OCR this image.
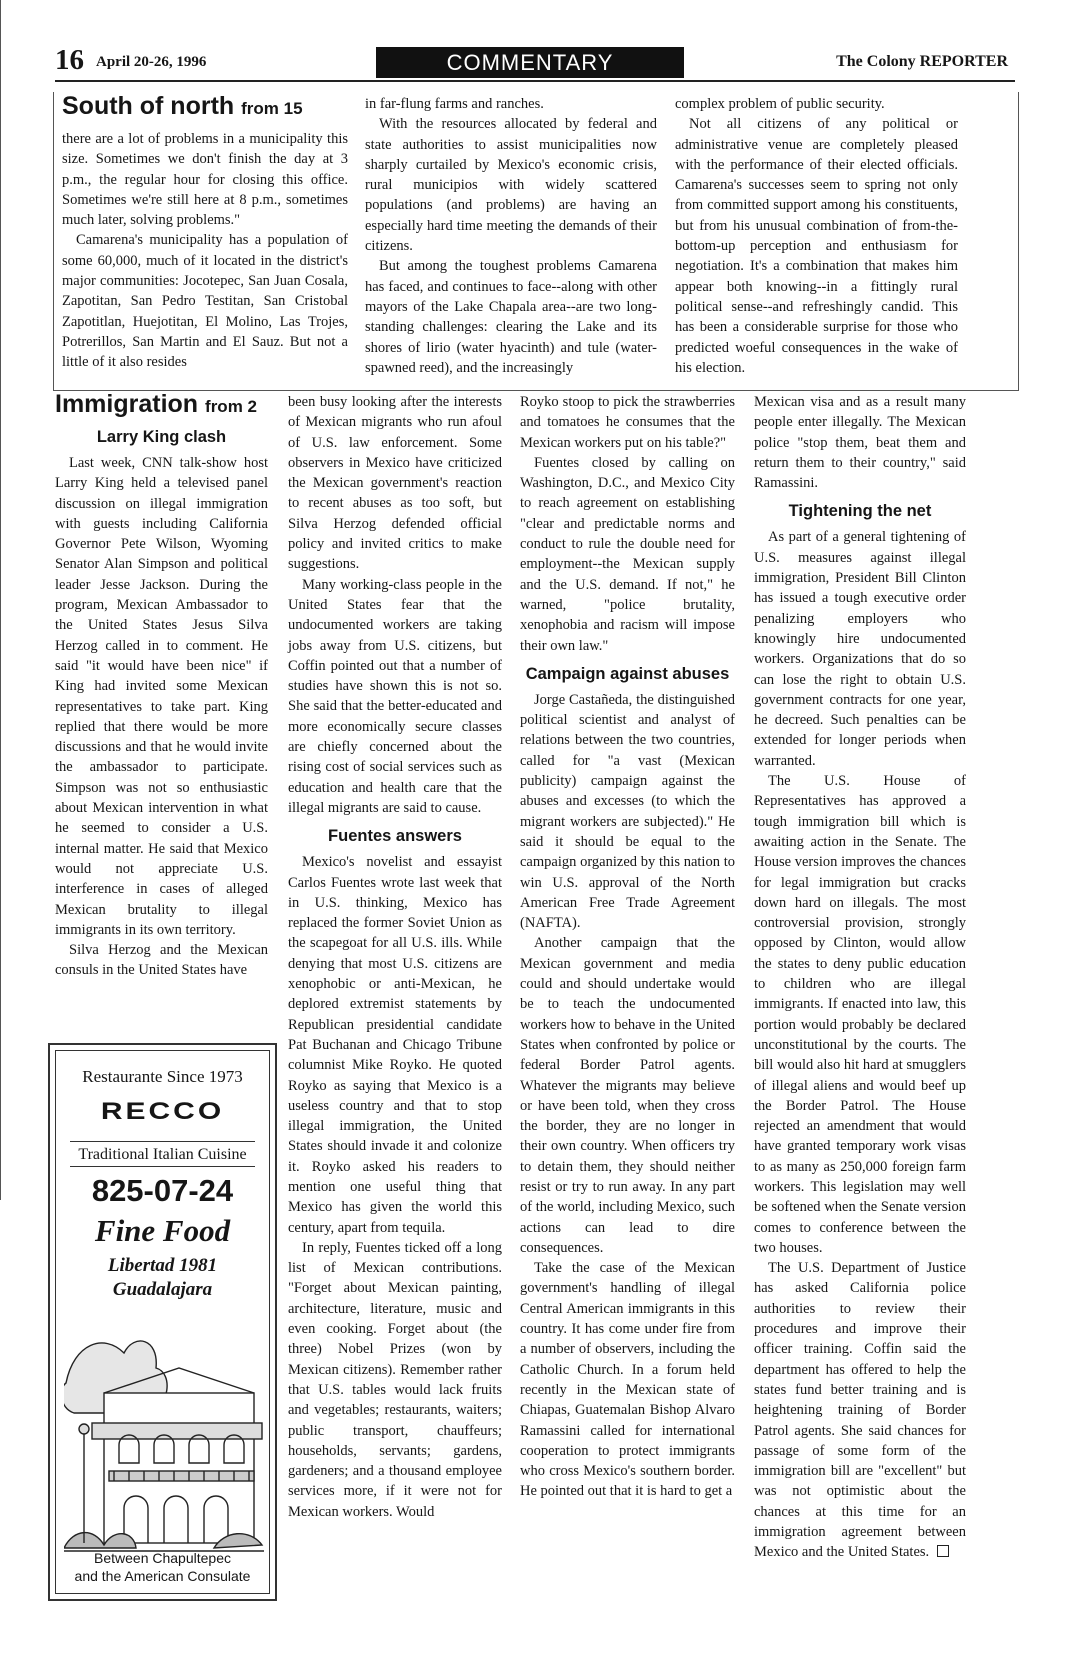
16 April 20-26, 1996	COMMENTARY	The Colony REPORTER
South of north from 15

there are a lot of problems in a municipality this size. Sometimes we don't finish the day at 3 p.m., the regular hour for closing this office. Sometimes we're still here at 8 p.m., sometimes much later, solving problems."

Camarena's municipality has a population of some 60,000, much of it located in the district's major communities: Jocotepec, San Juan Cosala, Zapotitan, San Pedro Testitan, San Cristobal Zapotitlan, Huejotitan, El Molino, Las Trojes, Potrerillos, San Martin and El Sauz. But not a little of it also resides

in far-flung farms and ranches.

With the resources allocated by federal and state authorities to assist municipalities now sharply curtailed by Mexico's economic crisis, rural municipios with widely scattered populations (and problems) are having an especially hard time meeting the demands of their citizens.

But among the toughest problems Camarena has faced, and continues to face--along with other mayors of the Lake Chapala area--are two long-standing challenges: clearing the Lake and its shores of lirio (water hyacinth) and tule (water-spawned reed), and the increasingly

complex problem of public security.

Not all citizens of any political or administrative venue are completely pleased with the performance of their elected officials. Camarena's successes seem to spring not only from committed support among his constituents, but from his unusual combination of from-the-bottom-up perception and enthusiasm for negotiation. It's a combination that makes him appear both knowing--in a fittingly rural political sense--and refreshingly candid. This has been a considerable surprise for those who predicted woeful consequences in the wake of his election.

Immigration from 2
Larry King clash

Last week, CNN talk-show host Larry King held a televised panel discussion on illegal immigration with guests including California Governor Pete Wilson, Wyoming Senator Alan Simpson and political leader Jesse Jackson. During the program, Mexican Ambassador to the United States Jesus Silva Herzog called in to comment. He said "it would have been nice" if King had invited some Mexican representatives to take part. King replied that there would be more discussions and that he would invite the ambassador to participate. Simpson was not so enthusiastic about Mexican intervention in what he seemed to consider a U.S. internal matter. He said that Mexico would not appreciate U.S. interference in cases of alleged Mexican brutality to illegal immigrants in its own territory.

Silva Herzog and the Mexican consuls in the United States have

been busy looking after the interests of Mexican migrants who run afoul of U.S. law enforcement. Some observers in Mexico have criticized the Mexican government's reaction to recent abuses as too soft, but Silva Herzog defended official policy and invited critics to make suggestions.

Many working-class people in the United States fear that the undocumented workers are taking jobs away from U.S. citizens, but Coffin pointed out that a number of studies have shown this is not so. She said that the better-educated and more economically secure classes are chiefly concerned about the rising cost of social services such as education and health care that the illegal migrants are said to cause.

Fuentes answers

Mexico's novelist and essayist Carlos Fuentes wrote last week that in U.S. thinking, Mexico has replaced the former Soviet Union as the scapegoat for all U.S. ills. While denying that most U.S. citizens are xenophobic or anti-Mexican, he deplored extremist statements by Republican presidential candidate Pat Buchanan and Chicago Tribune columnist Mike Royko. He quoted Royko as saying that Mexico is a useless country and that to stop illegal immigration, the United States should invade it and colonize it. Royko asked his readers to mention one useful thing that Mexico has given the world this century, apart from tequila.

In reply, Fuentes ticked off a long list of Mexican contributions. "Forget about Mexican painting, architecture, literature, music and even cooking. Forget about (the three) Nobel Prizes (won by Mexican citizens). Remember rather that U.S. tables would lack fruits and vegetables; restaurants, waiters; public transport, chauffeurs; households, servants; gardens, gardeners; and a thousand employee services more, if it were not for Mexican workers. Would

Royko stoop to pick the strawberries and tomatoes he consumes that the Mexican workers put on his table?"

Fuentes closed by calling on Washington, D.C., and Mexico City to reach agreement on establishing "clear and predictable norms and conduct to rule the double need for employment--the Mexican supply and the U.S. demand. If not," he warned, "police brutality, xenophobia and racism will impose their own law."

Campaign against abuses

Jorge Castañeda, the distinguished political scientist and analyst of relations between the two countries, called for "a vast (Mexican publicity) campaign against the abuses and excesses (to which the migrant workers are subjected)." He said it should be equal to the campaign organized by this nation to win U.S. approval of the North American Free Trade Agreement (NAFTA).

Another campaign that the Mexican government and media could and should undertake would be to teach the undocumented workers how to behave in the United States when confronted by police or federal Border Patrol agents. Whatever the migrants may believe or have been told, when they cross the border, they are no longer in their own country. When officers try to detain them, they should neither resist or try to run away. In any part of the world, including Mexico, such actions can lead to dire consequences.

Take the case of the Mexican government's handling of illegal Central American immigrants in this country. It has come under fire from a number of observers, including the Catholic Church. In a forum held recently in the Mexican state of Chiapas, Guatemalan Bishop Alvaro Ramassini called for international cooperation to protect immigrants who cross Mexico's southern border. He pointed out that it is hard to get a

Mexican visa and as a result many people enter illegally. The Mexican police "stop them, beat them and return them to their country," said Ramassini.

Tightening the net

As part of a general tightening of U.S. measures against illegal immigration, President Bill Clinton has issued a tough executive order penalizing employers who knowingly hire undocumented workers. Organizations that do so can lose the right to obtain U.S. government contracts for one year, he decreed. Such penalties can be extended for longer periods when warranted.

The U.S. House of Representatives has approved a tough immigration bill which is awaiting action in the Senate. The House version improves the chances for legal immigration but cracks down hard on illegals. The most controversial provision, strongly opposed by Clinton, would allow the states to deny public education to children who are illegal immigrants. If enacted into law, this portion would probably be declared unconstitutional by the courts. The bill would also hit hard at smugglers of illegal aliens and would beef up the Border Patrol. The House rejected an amendment that would have granted temporary work visas to as many as 250,000 foreign farm workers. This legislation may well be softened when the Senate version comes to conference between the two houses.

The U.S. Department of Justice has asked California police authorities to review their procedures and improve their officer training. Coffin said the department has offered to help the states fund better training and is heightening training of Border Patrol agents. She said chances for passage of some form of the immigration bill are "excellent" but was not optimistic about the chances at this time for an immigration agreement between Mexico and the United States.

Restaurante Since 1973
RECCO
Traditional Italian Cuisine
825-07-24
Fine Food
Libertad 1981
Guadalajara
Between Chapultepec
and the American Consulate
